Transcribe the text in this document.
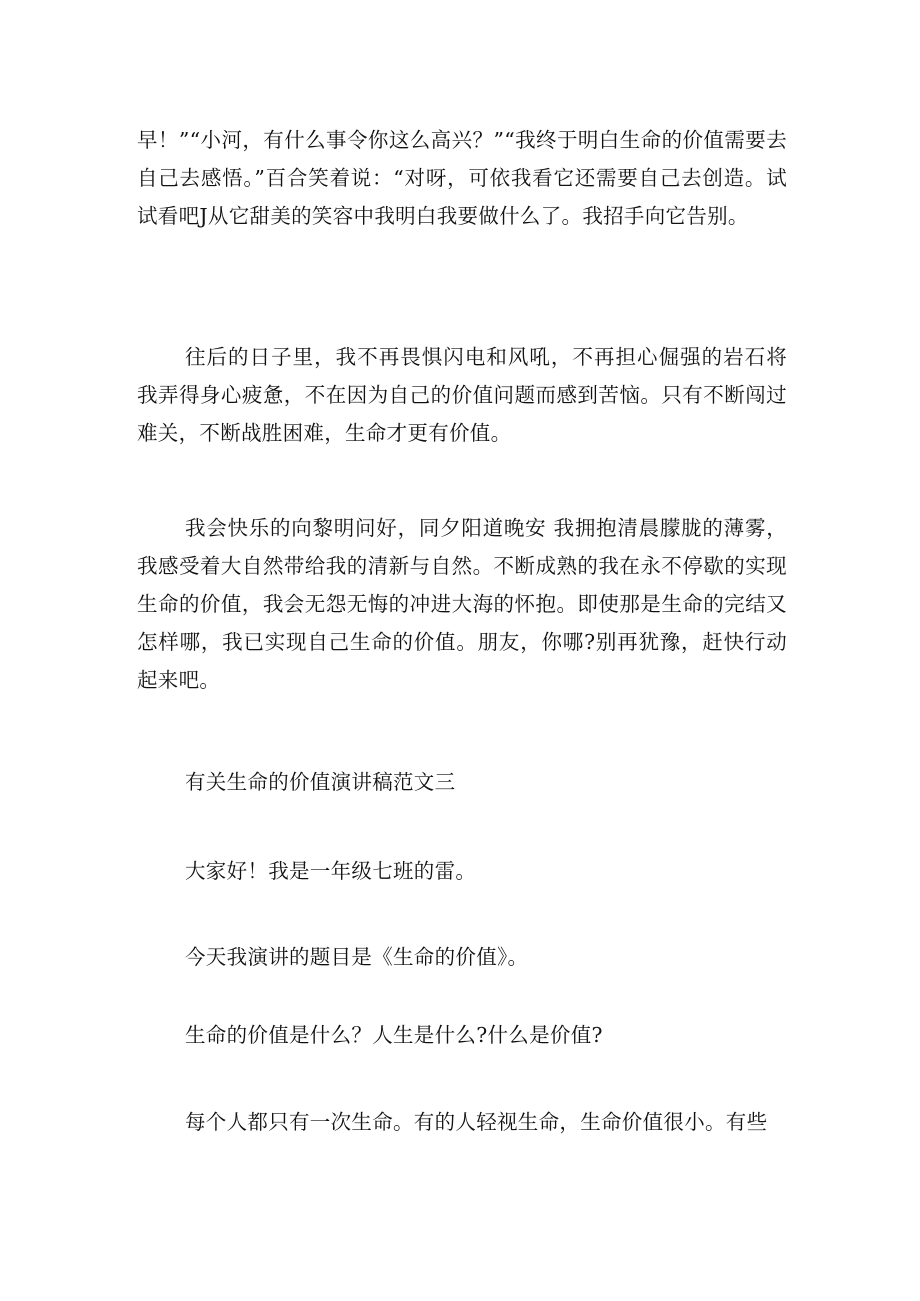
早！”“小河，有什么事令你这么高兴？”“我终于明白生命的价值需要去自己去感悟。”百合笑着说：“对呀，可依我看它还需要自己去创造。试试看吧J从它甜美的笑容中我明白我要做什么了。我招手向它告别。

往后的日子里，我不再畏惧闪电和风吼，不再担心倔强的岩石将我弄得身心疲惫，不在因为自己的价值问题而感到苦恼。只有不断闯过难关，不断战胜困难，生命才更有价值。

我会快乐的向黎明问好，同夕阳道晚安 我拥抱清晨朦胧的薄雾，我感受着大自然带给我的清新与自然。不断成熟的我在永不停歇的实现生命的价值，我会无怨无悔的冲进大海的怀抱。即使那是生命的完结又怎样哪，我已实现自己生命的价值。朋友，你哪?别再犹豫，赶快行动起来吧。

有关生命的价值演讲稿范文三

大家好！我是一年级七班的雷。

今天我演讲的题目是《生命的价值》。

生命的价值是什么？人生是什么?什么是价值?

每个人都只有一次生命。有的人轻视生命，生命价值很小。有些
